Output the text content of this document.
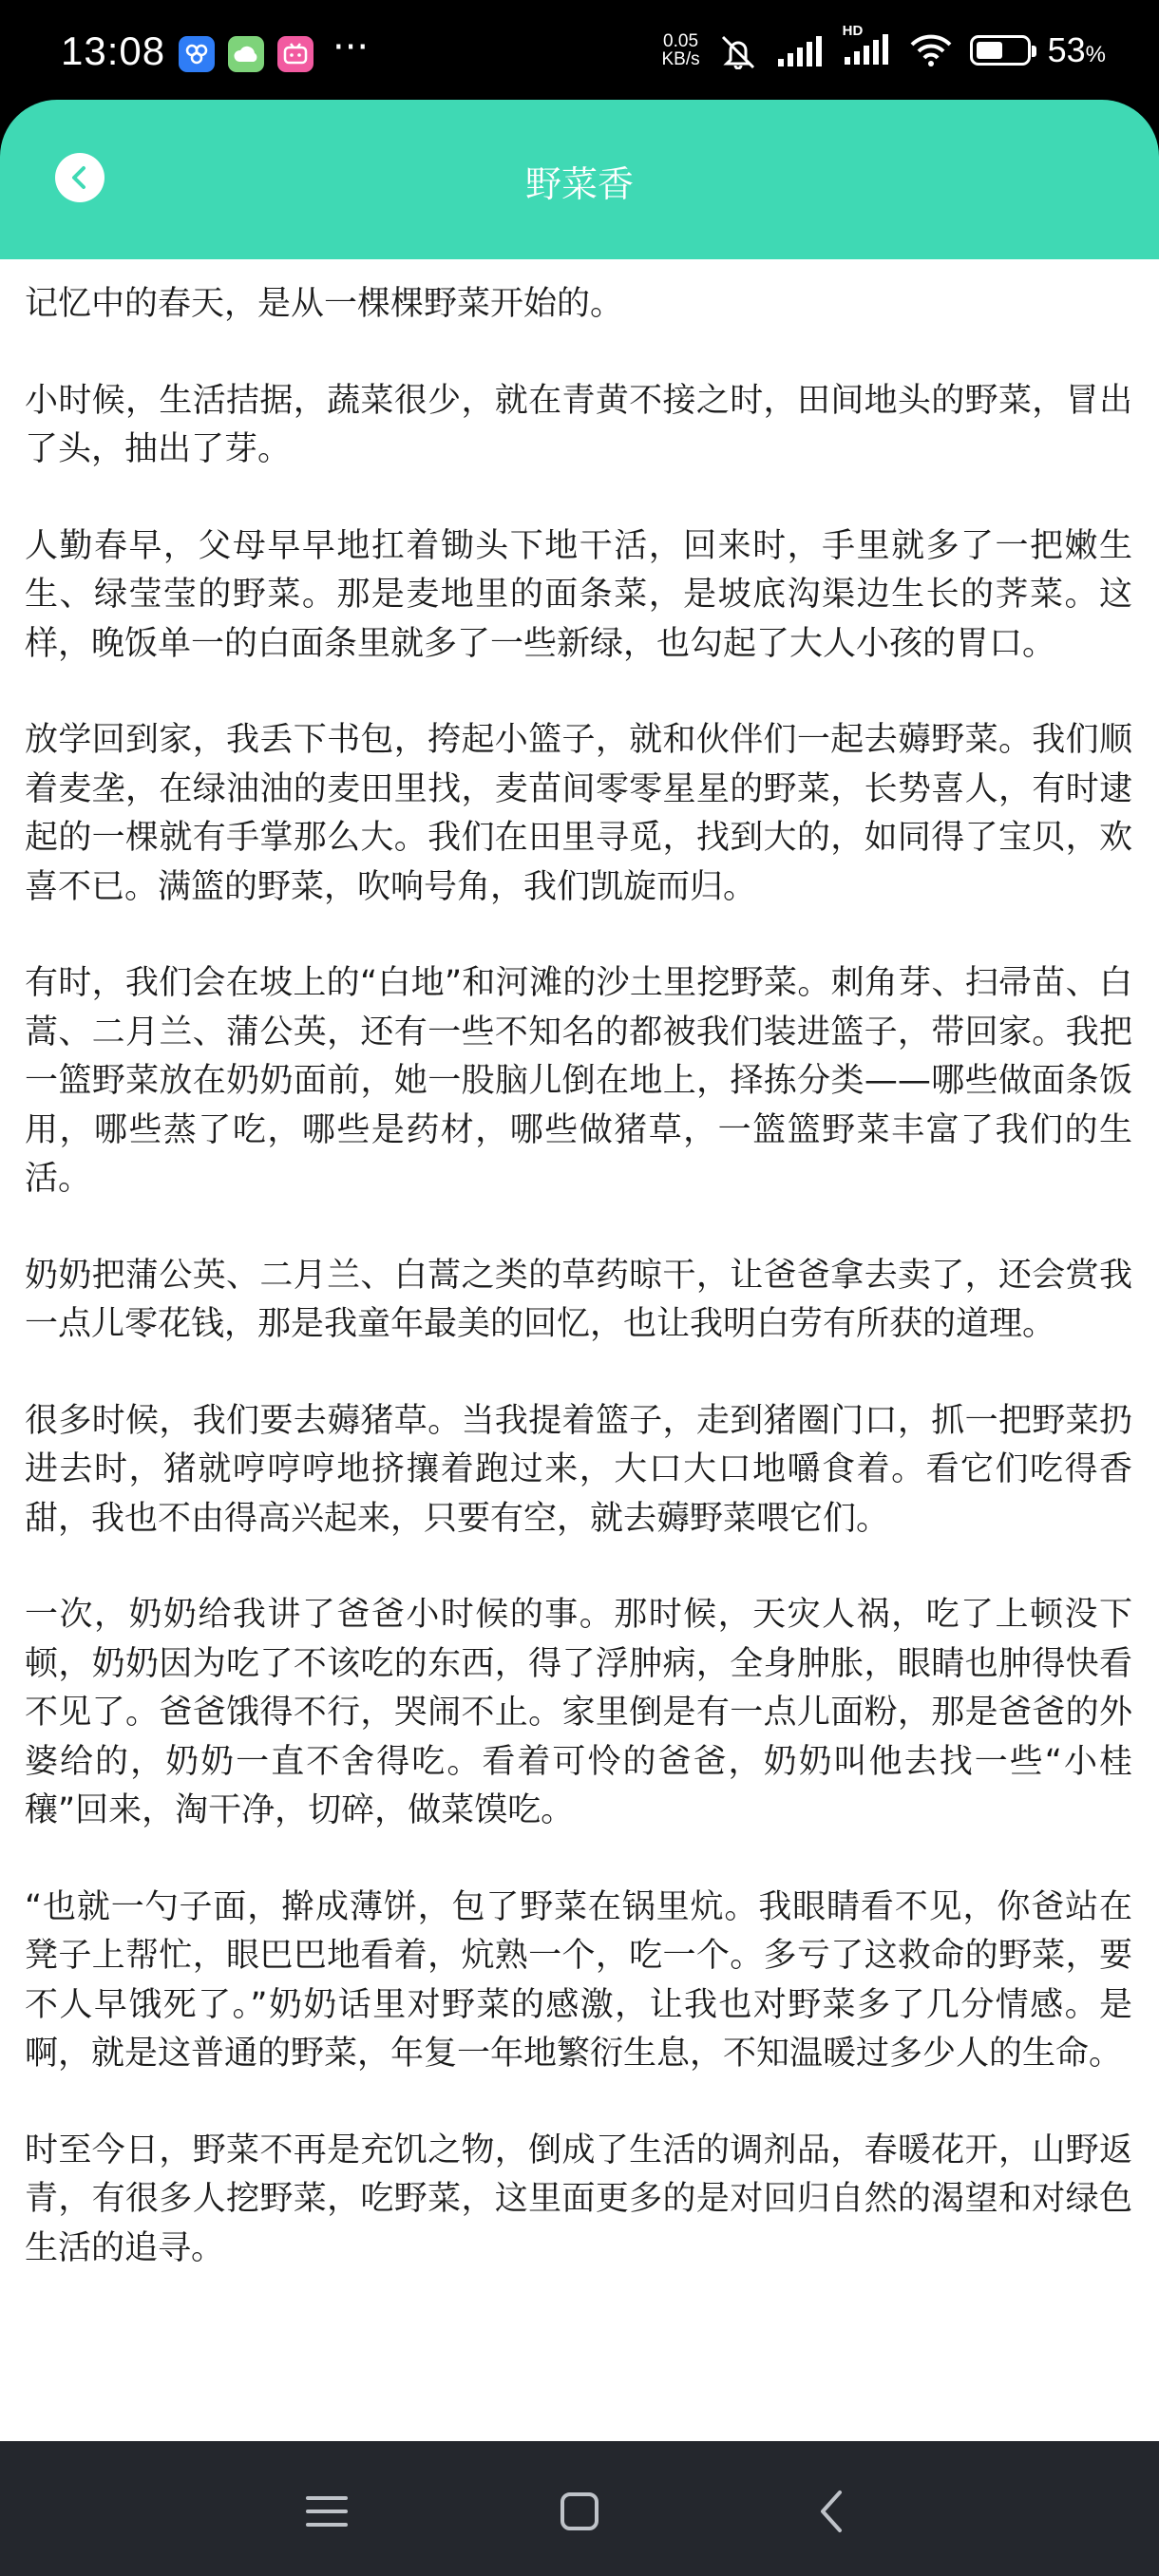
13:08	···	0.05
KB/s
HD	53%
野菜香

记忆中的春天，是从一棵棵野菜开始的。

小时候，生活拮据，蔬菜很少，就在青黄不接之时，田间地头的野菜，冒出了头，抽出了芽。

人勤春早，父母早早地扛着锄头下地干活，回来时，手里就多了一把嫩生生、绿莹莹的野菜。那是麦地里的面条菜，是坡底沟渠边生长的荠菜。这样，晚饭单一的白面条里就多了一些新绿，也勾起了大人小孩的胃口。

放学回到家，我丢下书包，挎起小篮子，就和伙伴们一起去薅野菜。我们顺着麦垄，在绿油油的麦田里找，麦苗间零零星星的野菜，长势喜人，有时逮起的一棵就有手掌那么大。我们在田里寻觅，找到大的，如同得了宝贝，欢喜不已。满篮的野菜，吹响号角，我们凯旋而归。

有时，我们会在坡上的“白地”和河滩的沙土里挖野菜。刺角芽、扫帚苗、白蒿、二月兰、蒲公英，还有一些不知名的都被我们装进篮子，带回家。我把一篮野菜放在奶奶面前，她一股脑儿倒在地上，择拣分类——哪些做面条饭用，哪些蒸了吃，哪些是药材，哪些做猪草，一篮篮野菜丰富了我们的生活。

奶奶把蒲公英、二月兰、白蒿之类的草药晾干，让爸爸拿去卖了，还会赏我一点儿零花钱，那是我童年最美的回忆，也让我明白劳有所获的道理。

很多时候，我们要去薅猪草。当我提着篮子，走到猪圈门口，抓一把野菜扔进去时，猪就哼哼哼地挤攘着跑过来，大口大口地嚼食着。看它们吃得香甜，我也不由得高兴起来，只要有空，就去薅野菜喂它们。

一次，奶奶给我讲了爸爸小时候的事。那时候，天灾人祸，吃了上顿没下顿，奶奶因为吃了不该吃的东西，得了浮肿病，全身肿胀，眼睛也肿得快看不见了。爸爸饿得不行，哭闹不止。家里倒是有一点儿面粉，那是爸爸的外婆给的，奶奶一直不舍得吃。看着可怜的爸爸，奶奶叫他去找一些“小桂穰”回来，淘干净，切碎，做菜馍吃。

“也就一勺子面，擀成薄饼，包了野菜在锅里炕。我眼睛看不见，你爸站在凳子上帮忙，眼巴巴地看着，炕熟一个，吃一个。多亏了这救命的野菜，要不人早饿死了。”奶奶话里对野菜的感激，让我也对野菜多了几分情感。是啊，就是这普通的野菜，年复一年地繁衍生息，不知温暖过多少人的生命。

时至今日，野菜不再是充饥之物，倒成了生活的调剂品，春暖花开，山野返青，有很多人挖野菜，吃野菜，这里面更多的是对回归自然的渴望和对绿色生活的追寻。
